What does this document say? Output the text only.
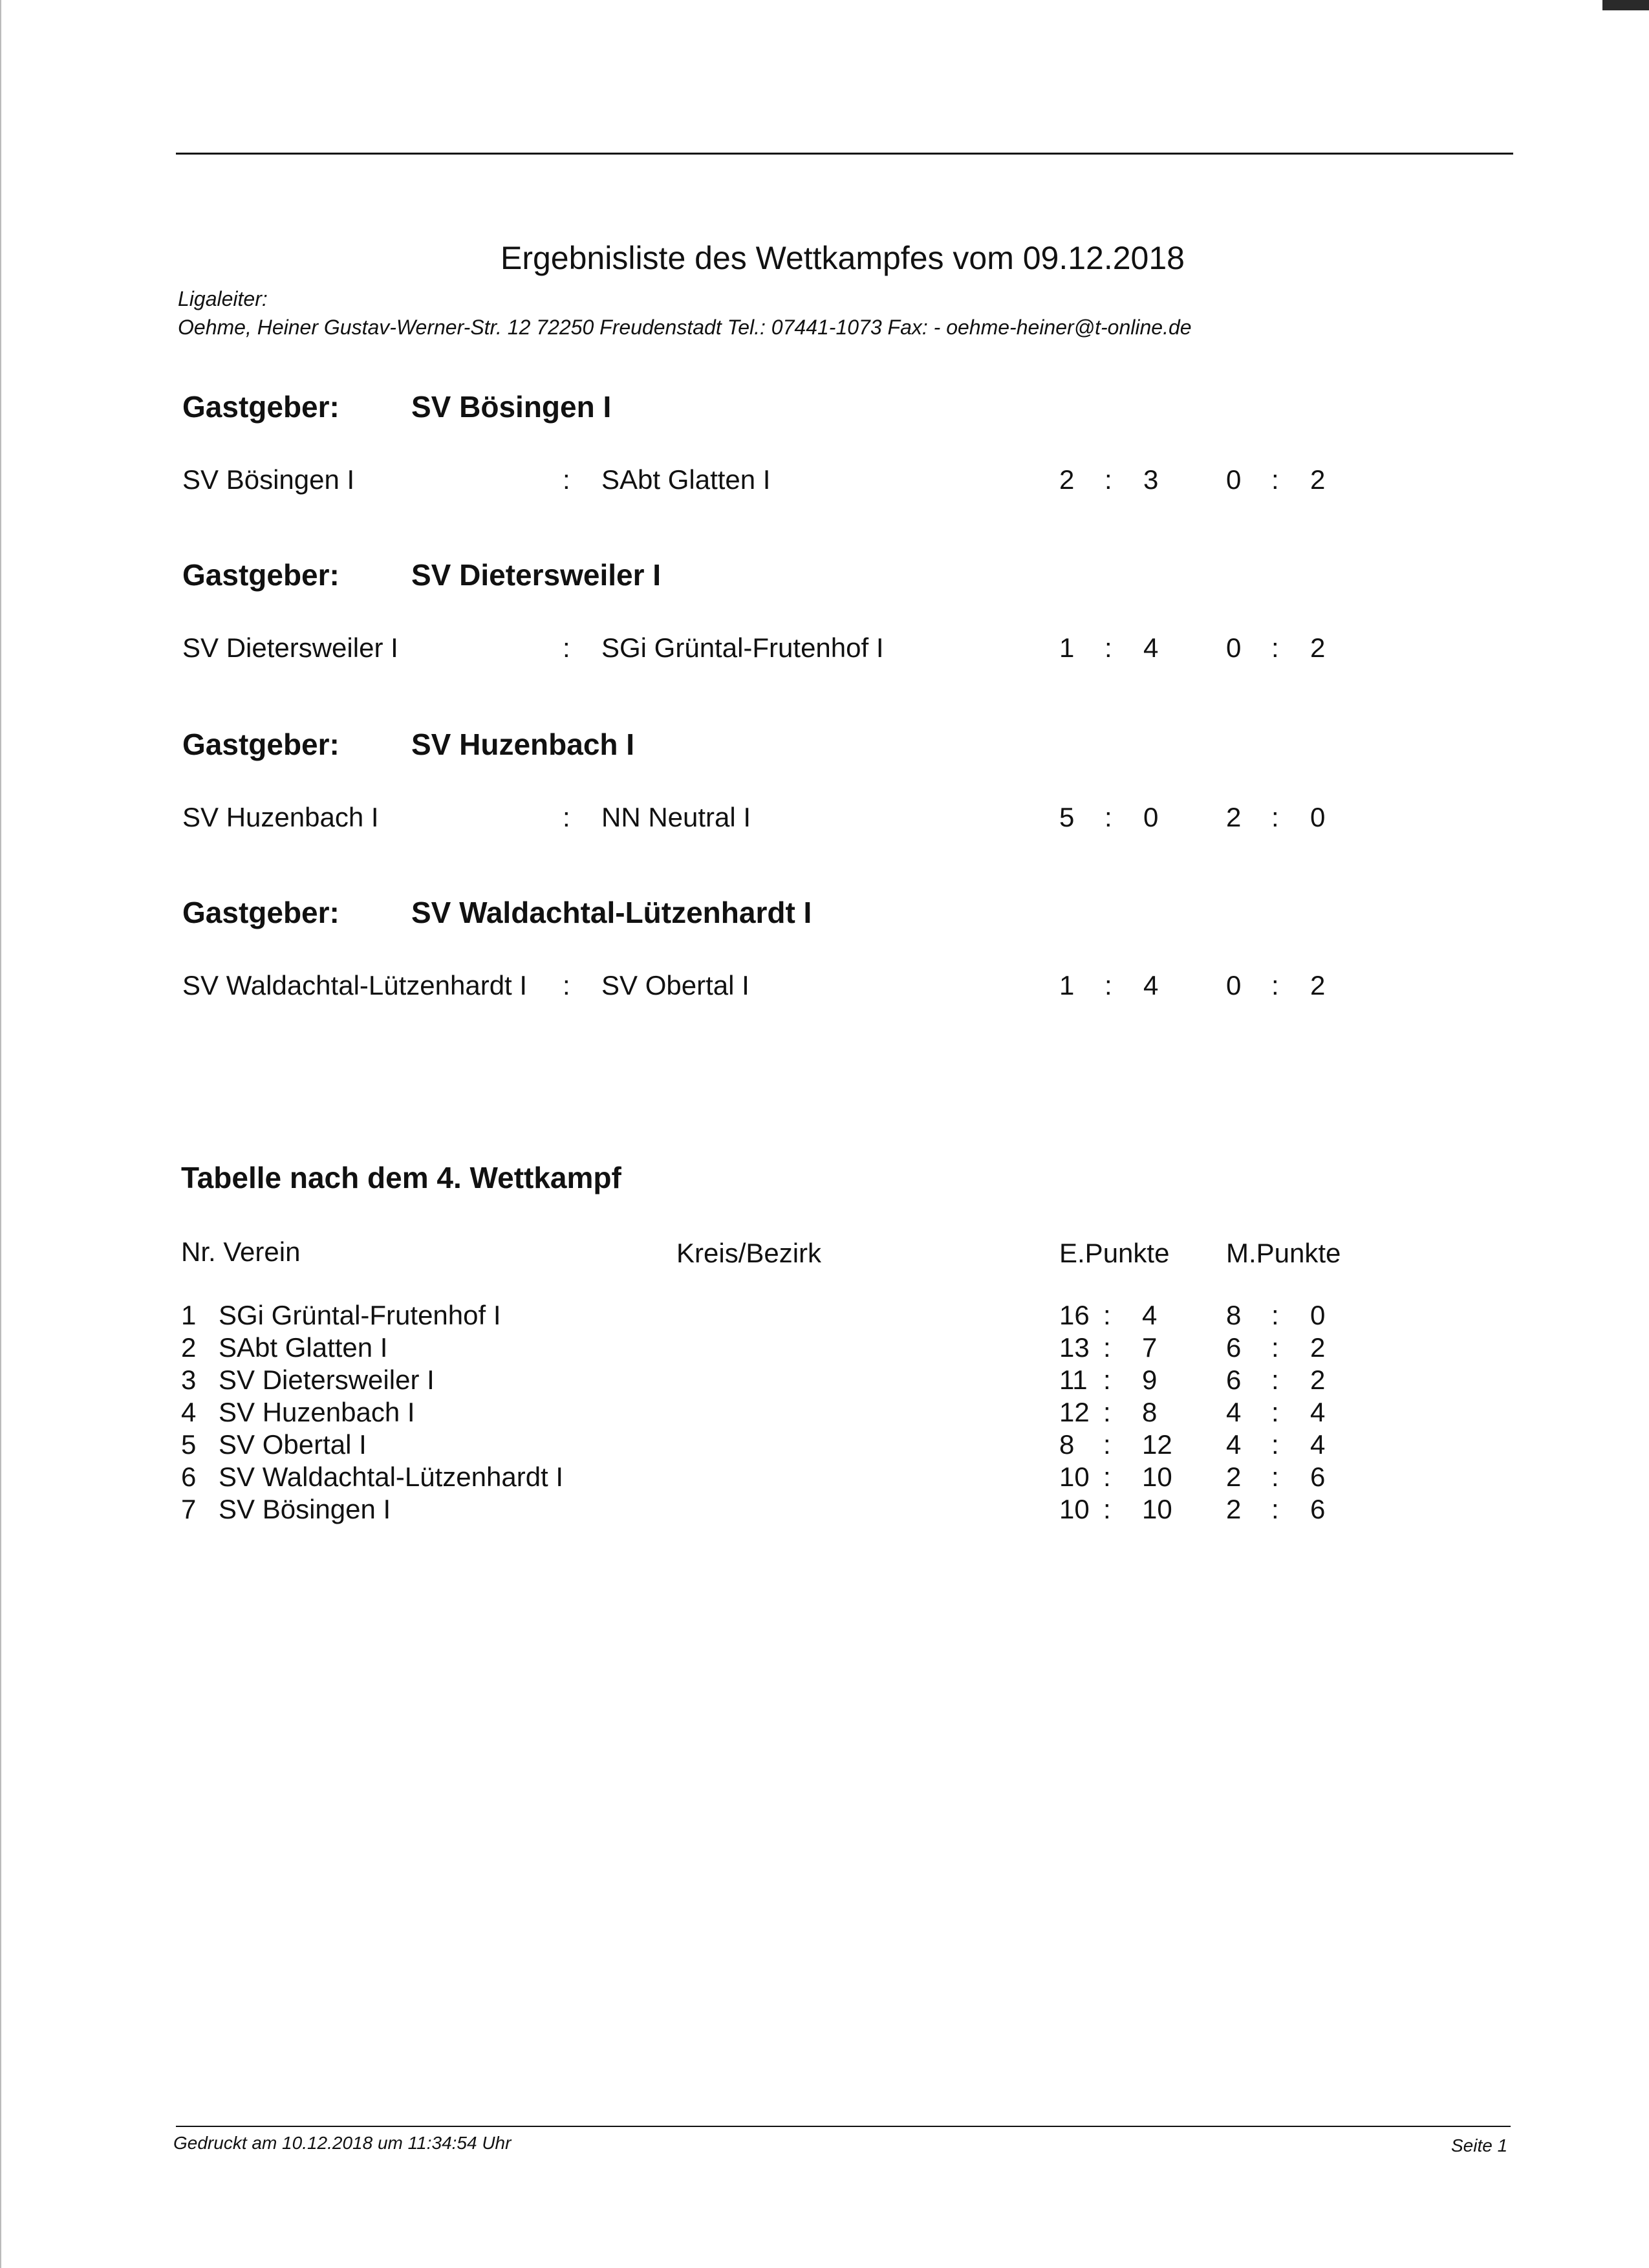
Ergebnisliste des Wettkampfes vom 09.12.2018
Ligaleiter:
Oehme, Heiner Gustav-Werner-Str. 12 72250 Freudenstadt Tel.: 07441-1073 Fax: - oehme-heiner@t-online.de
Gastgeber: SV Bösingen I
SV Bösingen I	: SAbt Glatten I	2 : 3 0 : 2
Gastgeber: SV Dietersweiler I
SV Dietersweiler I	: SGi Grüntal-Frutenhof I	1 : 4 0 : 2
Gastgeber: SV Huzenbach I
SV Huzenbach I	: NN Neutral I	5 : 0 2 : 0
Gastgeber: SV Waldachtal-Lützenhardt I
SV Waldachtal-Lützenhardt I : SV Obertal I	1 : 4 0 : 2
Tabelle nach dem 4. Wettkampf
Nr. Verein	Kreis/Bezirk	E.Punkte M.Punkte
1 SGi Grüntal-Frutenhof I	16 : 4	8 : 0
2 SAbt Glatten I	13 : 7	6 : 2
3 SV Dietersweiler I	11 : 9	6 : 2
4 SV Huzenbach I	12 : 8	4 : 4
5 SV Obertal I	8 : 12 4 : 4
6 SV Waldachtal-Lützenhardt I	10 : 10 2 : 6
7 SV Bösingen I	10 : 10 2 : 6
Gedruckt am 10.12.2018 um 11:34:54 Uhr	Seite 1
